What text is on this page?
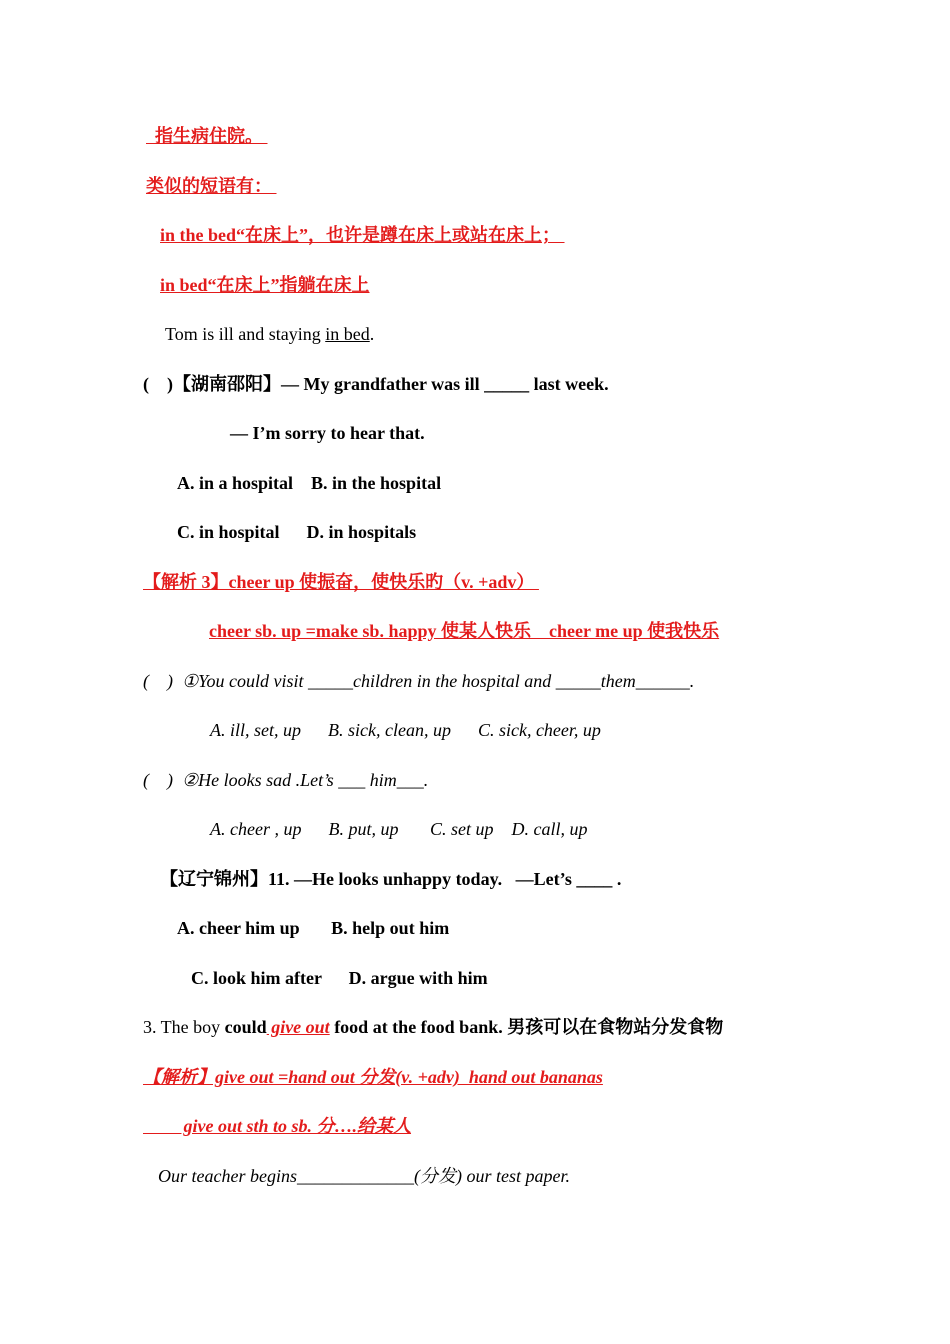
指生病住院。
类似的短语有：
in the bed“在床上”，也许是蹲在床上或站在床上；
in bed“在床上”指躺在床上
Tom is ill and staying in bed.
(    )【湖南邵阳】— My grandfather was ill _____ last week.
— I’m sorry to hear that.
A. in a hospital    B. in the hospital
C. in hospital      D. in hospitals
【解析 3】cheer up 使振奋，使快乐旳（v. +adv）
cheer sb. up =make sb. happy 使某人快乐    cheer me up 使我快乐
(    )  ①You could visit _____children in the hospital and _____them______.
A. ill, set, up      B. sick, clean, up      C. sick, cheer, up
(    )  ②He looks sad .Let’s ___ him___.
A. cheer , up      B. put, up       C. set up    D. call, up
【辽宁锦州】11. —He looks unhappy today.   —Let’s ____ .
A. cheer him up       B. help out him
C. look him after      D. argue with him
3. The boy could give out food at the food bank. 男孩可以在食物站分发食物
【解析】give out =hand out 分发(v. +adv)  hand out bananas
give out sth to sb. 分….给某人
Our teacher begins_____________(分发) our test paper.
